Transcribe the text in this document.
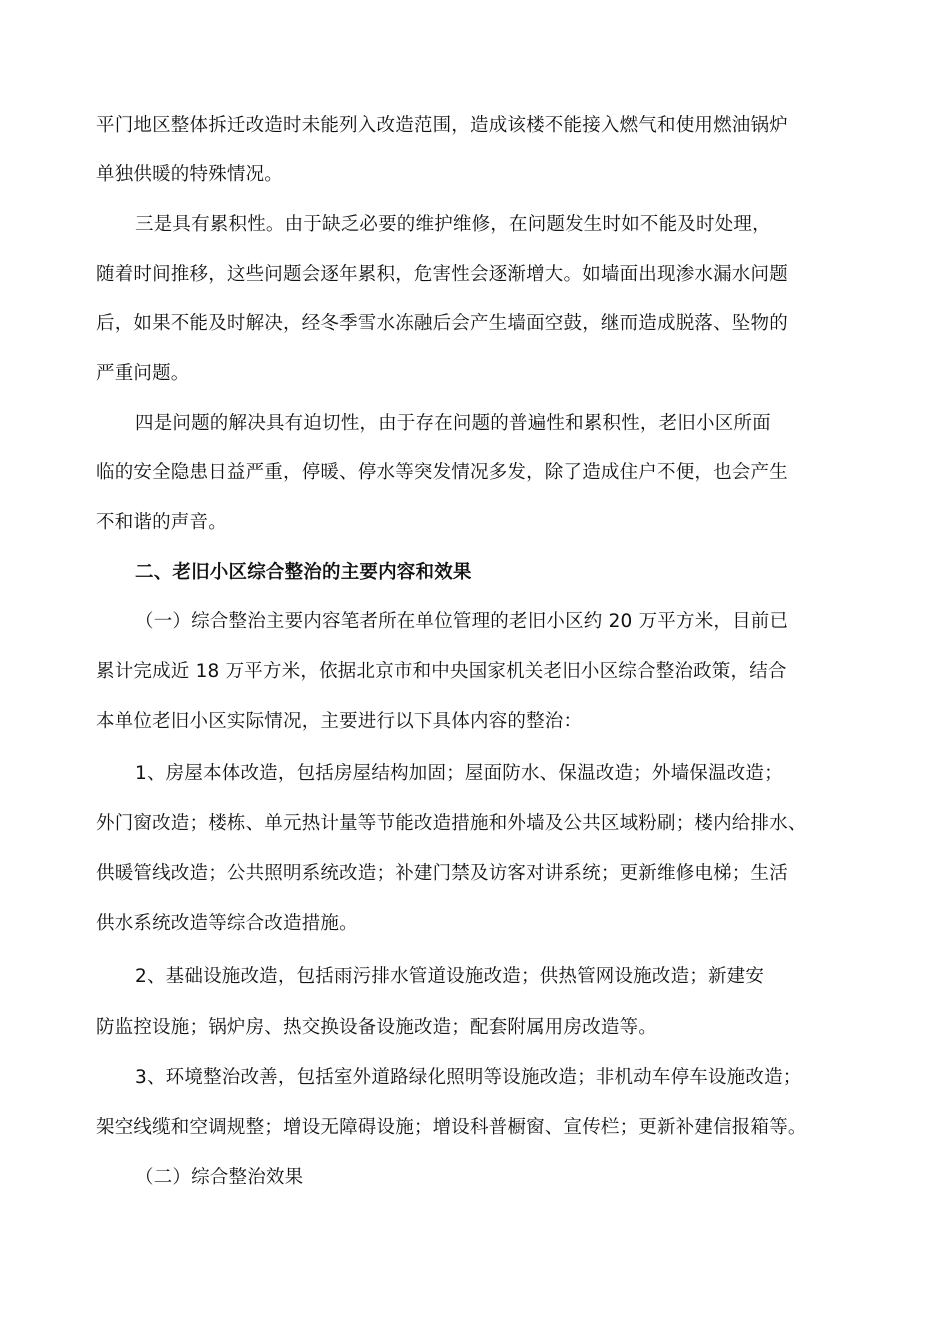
平门地区整体拆迁改造时未能列入改造范围，造成该楼不能接入燃气和使用燃油锅炉
单独供暖的特殊情况。
三是具有累积性。由于缺乏必要的维护维修，在问题发生时如不能及时处理，
随着时间推移，这些问题会逐年累积，危害性会逐渐增大。如墙面出现渗水漏水问题
后，如果不能及时解决，经冬季雪水冻融后会产生墙面空鼓，继而造成脱落、坠物的
严重问题。
四是问题的解决具有迫切性，由于存在问题的普遍性和累积性，老旧小区所面
临的安全隐患日益严重，停暖、停水等突发情况多发，除了造成住户不便，也会产生
不和谐的声音。
二、老旧小区综合整治的主要内容和效果
（一）综合整治主要内容笔者所在单位管理的老旧小区约 20 万平方米，目前已
累计完成近 18 万平方米，依据北京市和中央国家机关老旧小区综合整治政策，结合
本单位老旧小区实际情况，主要进行以下具体内容的整治：
1、房屋本体改造，包括房屋结构加固；屋面防水、保温改造；外墙保温改造；
外门窗改造；楼栋、单元热计量等节能改造措施和外墙及公共区域粉刷；楼内给排水、
供暖管线改造；公共照明系统改造；补建门禁及访客对讲系统；更新维修电梯；生活
供水系统改造等综合改造措施。
2、基础设施改造，包括雨污排水管道设施改造；供热管网设施改造；新建安
防监控设施；锅炉房、热交换设备设施改造；配套附属用房改造等。
3、环境整治改善，包括室外道路绿化照明等设施改造；非机动车停车设施改造；
架空线缆和空调规整；增设无障碍设施；增设科普橱窗、宣传栏；更新补建信报箱等。
（二）综合整治效果
